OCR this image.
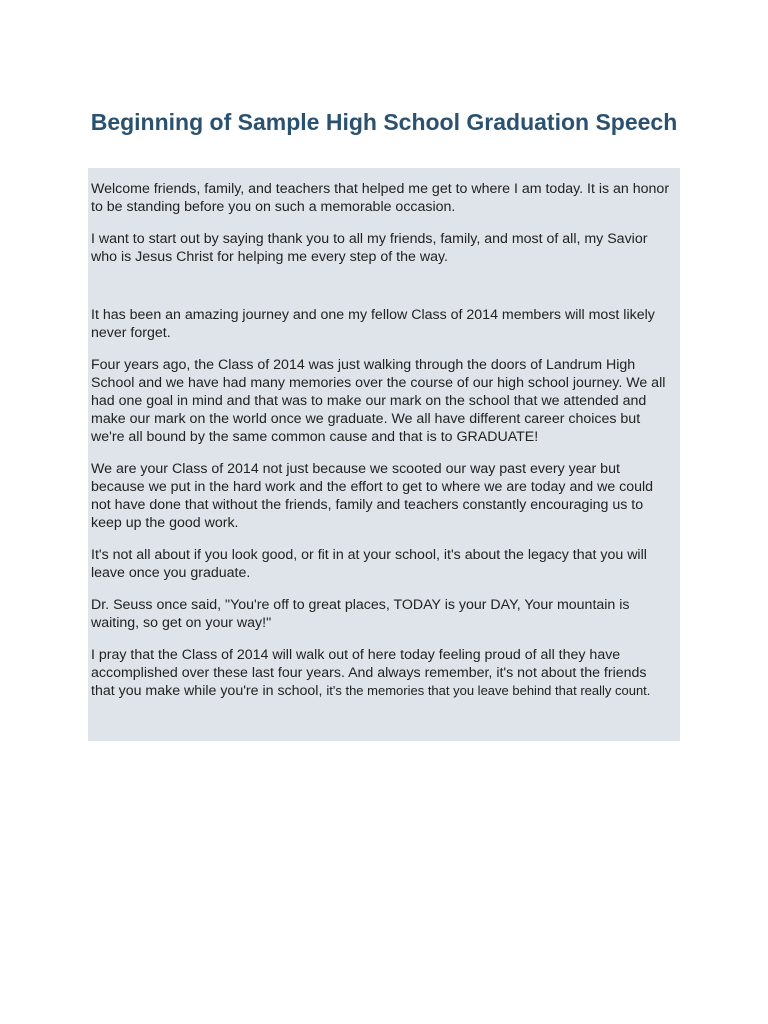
Beginning of Sample High School Graduation Speech

Welcome friends, family, and teachers that helped me get to where I am today. It is an honor to be standing before you on such a memorable occasion.

I want to start out by saying thank you to all my friends, family, and most of all, my Savior who is Jesus Christ for helping me every step of the way.

It has been an amazing journey and one my fellow Class of 2014 members will most likely never forget.

Four years ago, the Class of 2014 was just walking through the doors of Landrum High School and we have had many memories over the course of our high school journey. We all had one goal in mind and that was to make our mark on the school that we attended and make our mark on the world once we graduate. We all have different career choices but we're all bound by the same common cause and that is to GRADUATE!

We are your Class of 2014 not just because we scooted our way past every year but because we put in the hard work and the effort to get to where we are today and we could not have done that without the friends, family and teachers constantly encouraging us to keep up the good work.

It's not all about if you look good, or fit in at your school, it's about the legacy that you will leave once you graduate.

Dr. Seuss once said, "You're off to great places, TODAY is your DAY, Your mountain is waiting, so get on your way!"

I pray that the Class of 2014 will walk out of here today feeling proud of all they have accomplished over these last four years. And always remember, it's not about the friends that you make while you're in school, it's the memories that you leave behind that really count.
